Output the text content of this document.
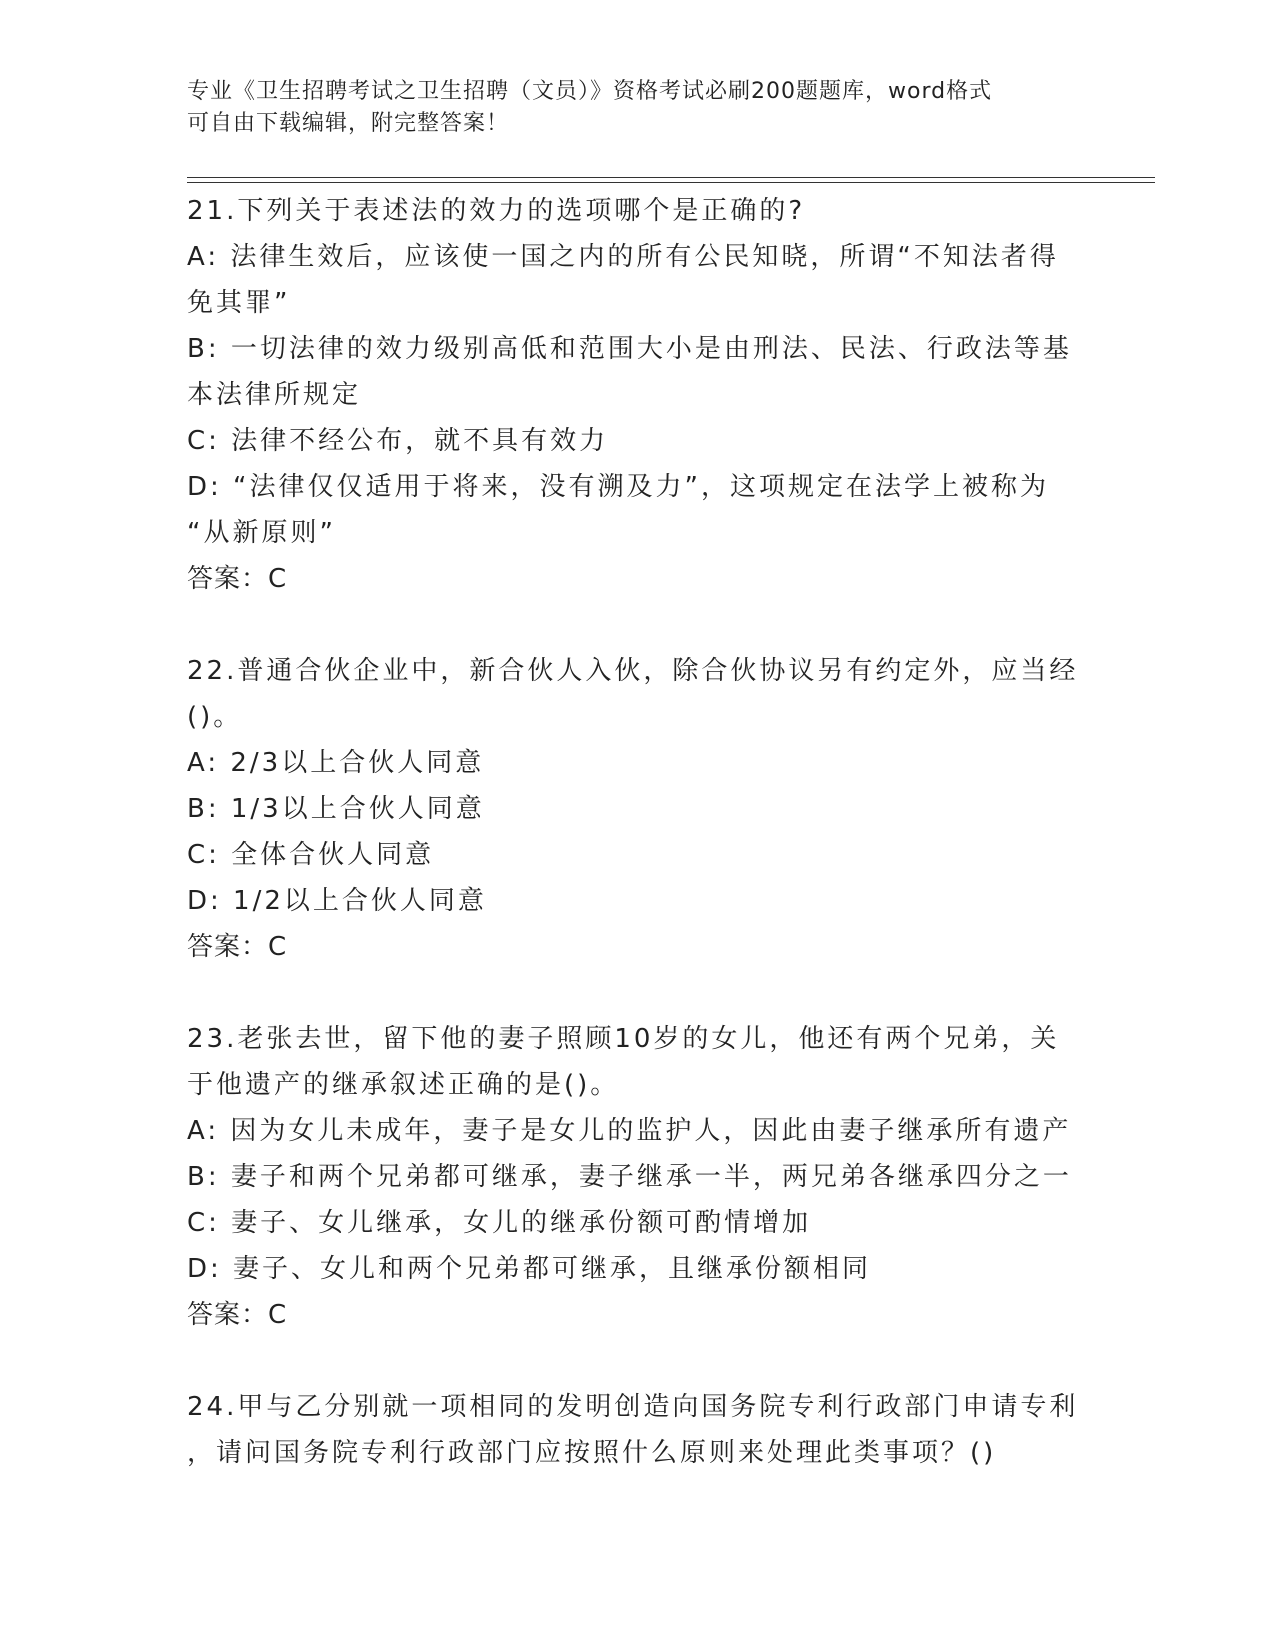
专业《卫生招聘考试之卫生招聘（文员）》资格考试必刷200题题库，word格式
可自由下载编辑，附完整答案！
21.下列关于表述法的效力的选项哪个是正确的?
A: 法律生效后，应该使一国之内的所有公民知晓，所谓“不知法者得
免其罪”
B: 一切法律的效力级别高低和范围大小是由刑法、民法、行政法等基
本法律所规定
C: 法律不经公布，就不具有效力
D: “法律仅仅适用于将来，没有溯及力”，这项规定在法学上被称为
“从新原则”
答案：C
22.普通合伙企业中，新合伙人入伙，除合伙协议另有约定外，应当经
()。
A: 2/3以上合伙人同意
B: 1/3以上合伙人同意
C: 全体合伙人同意
D: 1/2以上合伙人同意
答案：C
23.老张去世，留下他的妻子照顾10岁的女儿，他还有两个兄弟，关
于他遗产的继承叙述正确的是()。
A: 因为女儿未成年，妻子是女儿的监护人，因此由妻子继承所有遗产
B: 妻子和两个兄弟都可继承，妻子继承一半，两兄弟各继承四分之一
C: 妻子、女儿继承，女儿的继承份额可酌情增加
D: 妻子、女儿和两个兄弟都可继承，且继承份额相同
答案：C
24.甲与乙分别就一项相同的发明创造向国务院专利行政部门申请专利
，请问国务院专利行政部门应按照什么原则来处理此类事项？()
